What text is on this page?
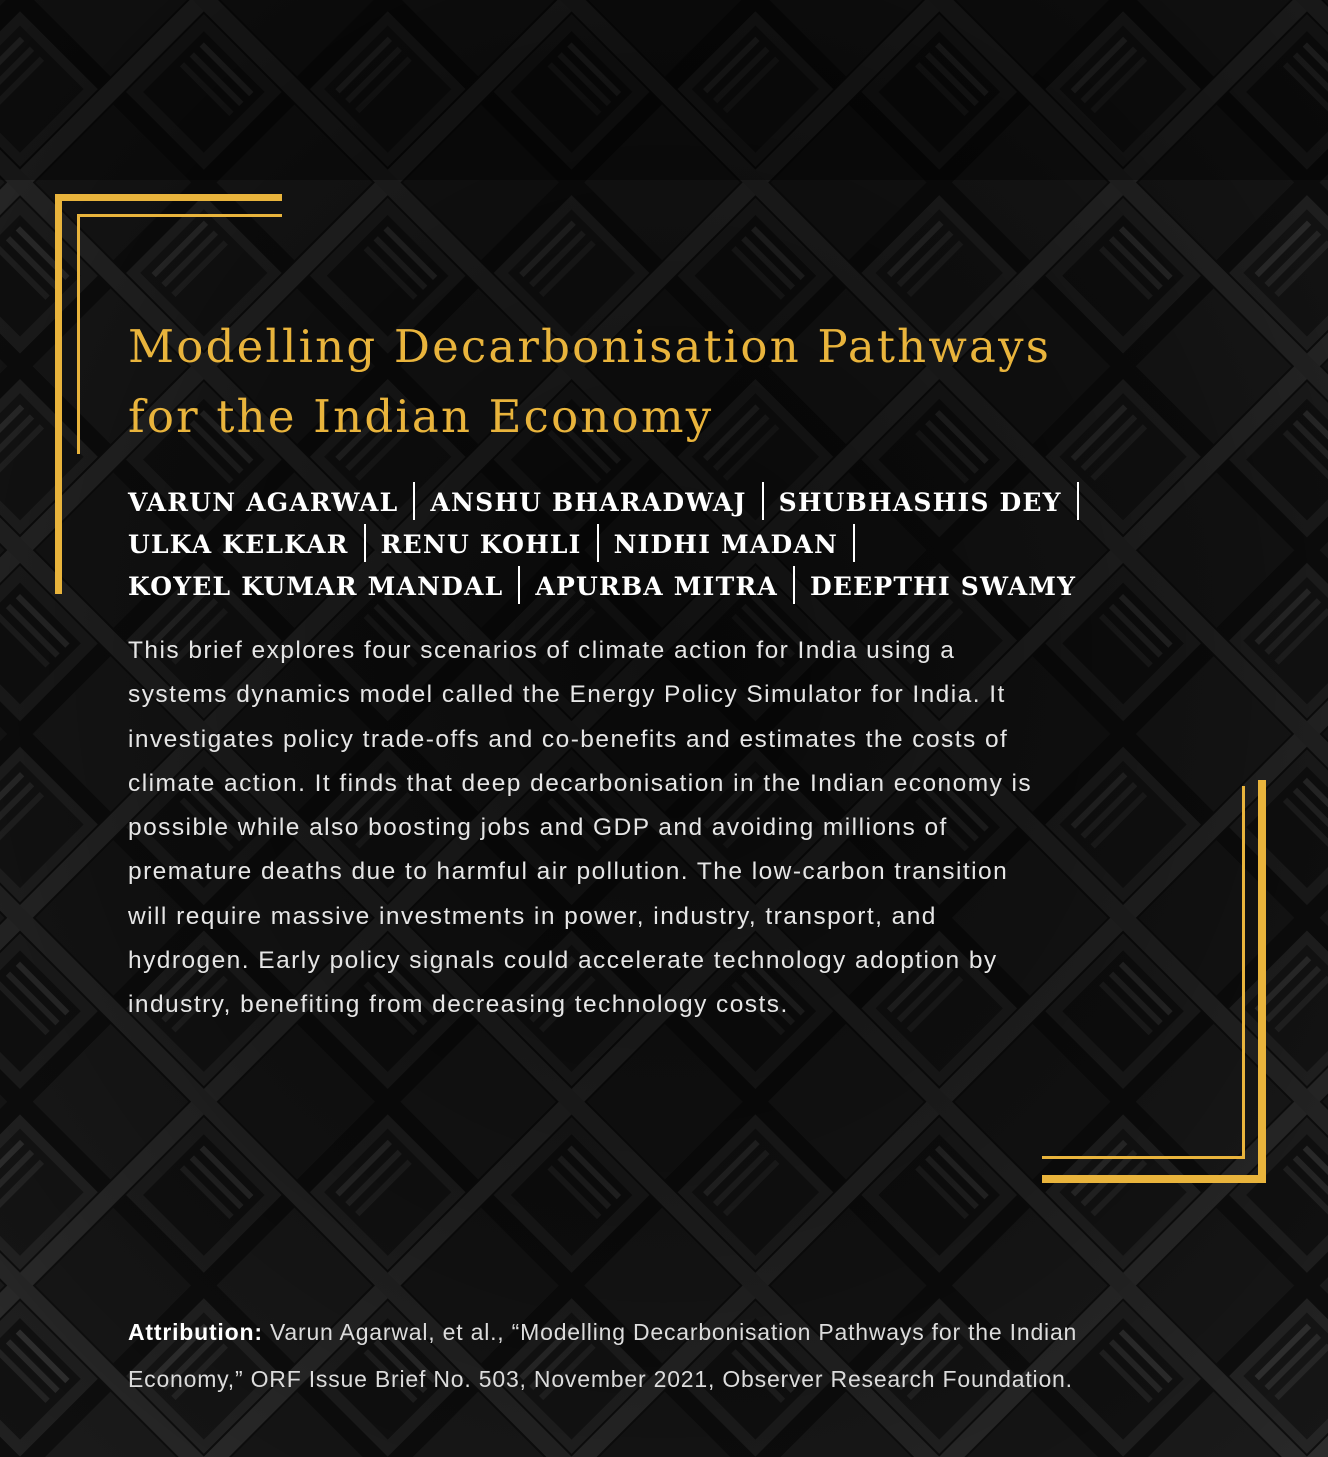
Modelling Decarbonisation Pathways
for the Indian Economy
VARUN AGARWAL ANSHU BHARADWAJ SHUBHASHIS DEY
ULKA KELKAR RENU KOHLI NIDHI MADAN
KOYEL KUMAR MANDAL APURBA MITRA DEEPTHI SWAMY

This brief explores four scenarios of climate action for India using a
systems dynamics model called the Energy Policy Simulator for India. It
investigates policy trade-offs and co-benefits and estimates the costs of
climate action. It finds that deep decarbonisation in the Indian economy is
possible while also boosting jobs and GDP and avoiding millions of
premature deaths due to harmful air pollution. The low-carbon transition
will require massive investments in power, industry, transport, and
hydrogen. Early policy signals could accelerate technology adoption by
industry, benefiting from decreasing technology costs.

Attribution: Varun Agarwal, et al., “Modelling Decarbonisation Pathways for the Indian
Economy,” ORF Issue Brief No. 503, November 2021, Observer Research Foundation.
